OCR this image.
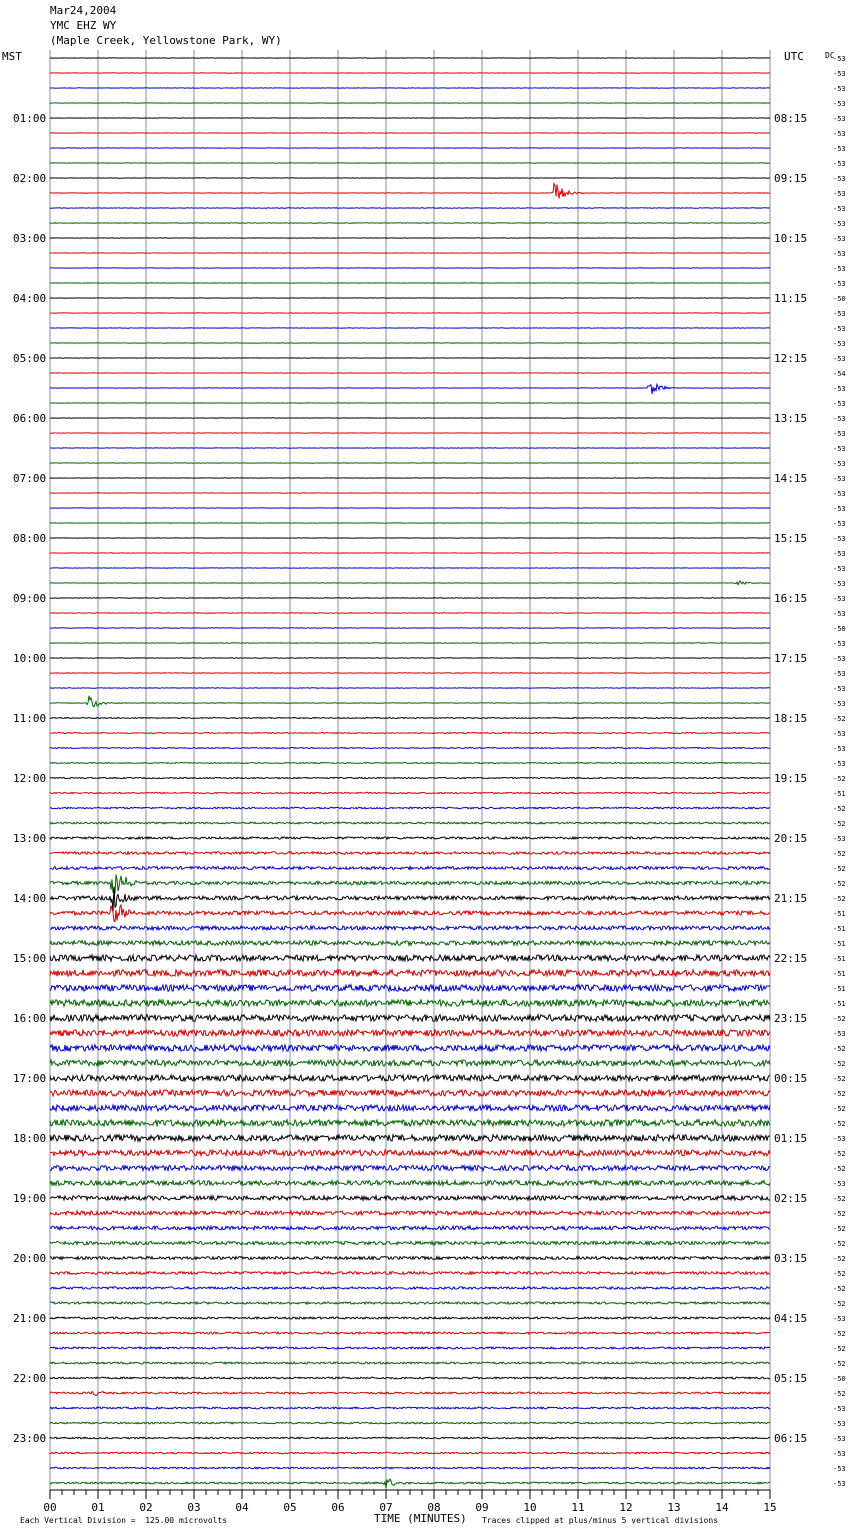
Mar24,2004
YMC EHZ WY
(Maple Creek, Yellowstone Park, WY)
MST	UTC	DC
-53
-53
-53
-53
-53
-53
-53
-53
-53
-53
-53
-53
-53
-53
-53
-53
-50
-53
-53
-53
-53
-54
-53
-53
-53
-53
-53
-53
-53
-53
-53
-53
-53
-53
-53
-53
-53
-53
-50
-53
-53
-53
-53
-53
-52
-53
-53
-53
-52
-51
-52
-52
-53
-52
-52
-52
-52
-51
-51
-51
-51
-51
-51
-51
-52
-53
-52
-52
-52
-52
-52
-52
-53
-52
-52
-53
-52
-52
-52
-52
-52
-52
-52
-52
-53
-52
-52
-52
-50
-52
-53
-53
-53
-53
-53
-53
01:00
02:00
03:00
04:00
05:00
06:00
07:00
08:00
09:00
10:00
11:00
12:00
13:00
14:00
15:00
16:00
17:00
18:00
19:00
20:00
21:00
22:00
23:00
08:15
09:15
10:15
11:15
12:15
13:15
14:15
15:15
16:15
17:15
18:15
19:15
20:15
21:15
22:15
23:15
00:15
01:15
02:15
03:15
04:15
05:15
06:15
00	01	02	03	04	05	06	07	08	09	10	11	12	13	14	15
TIME (MINUTES)
Each Vertical Division =  125.00 microvolts	Traces clipped at plus/minus 5 vertical divisions
